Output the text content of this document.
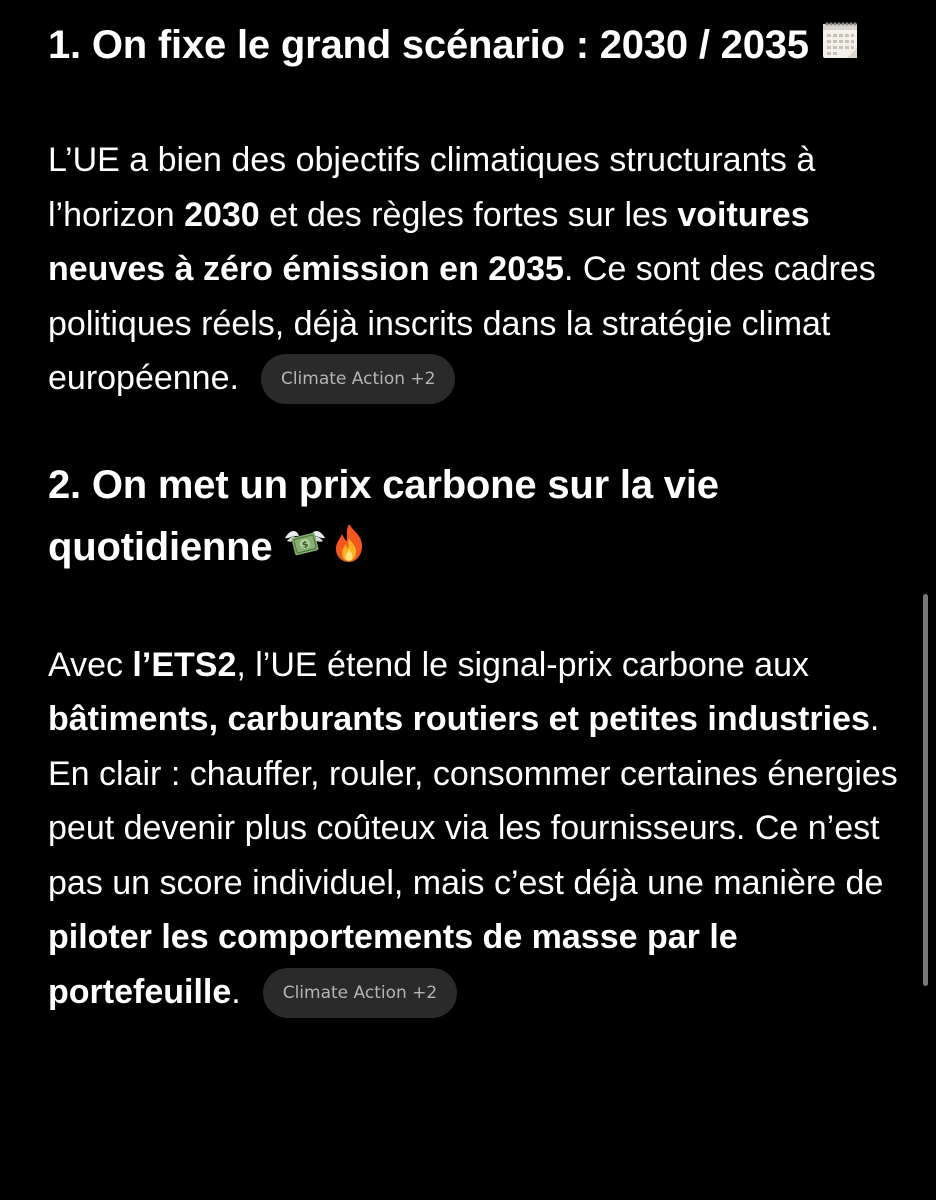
1. On fixe le grand scénario : 2030 / 2035

L’UE a bien des objectifs climatiques structurants à l’horizon 2030 et des règles fortes sur les voitures neuves à zéro émission en 2035. Ce sont des cadres politiques réels, déjà inscrits dans la stratégie climat européenne. Climate Action +2

2. On met un prix carbone sur la vie quotidienne	$

Avec l’ETS2, l’UE étend le signal-prix carbone aux bâtiments, carburants routiers et petites industries. En clair : chauffer, rouler, consommer certaines énergies peut devenir plus coûteux via les fournisseurs. Ce n’est pas un score individuel, mais c’est déjà une manière de piloter les comportements de masse par le portefeuille. Climate Action +2
